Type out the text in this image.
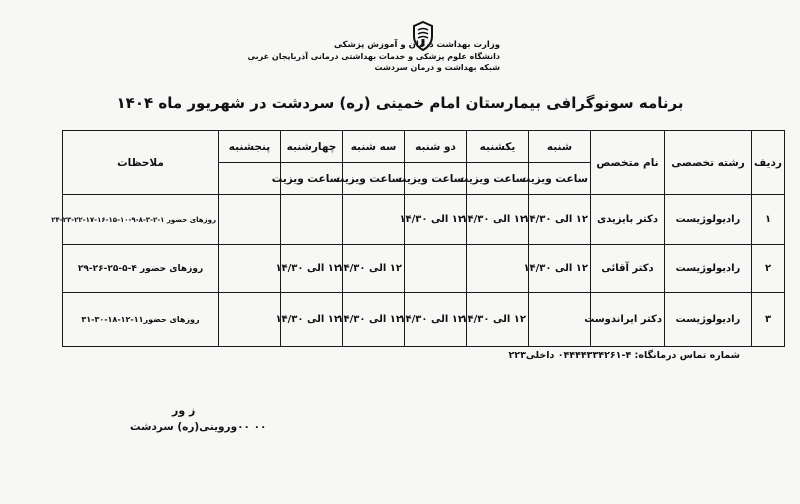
وزارت بهداشت درمان و آموزش پزشکی
دانشگاه علوم پزشکی و خدمات بهداشتی درمانی آذربایجان غربی
شبکه بهداشت و درمان سردشت
برنامه سونوگرافی بیمارستان امام خمینی (ره) سردشت در شهریور ماه ۱۴۰۴
ردیف	رشته تخصصی	نام متخصص	شنبه	یکشنبه	دو شنبه	سه شنبه	چهارشنبه	پنجشنبه	ملاحظات
			ساعت ویزیت	ساعت ویزیت	ساعت ویزیت	ساعت ویزیت	ساعت ویزیت		
۱	رادیولوژیست	دکتر بایزیدی	۱۲ الی ۱۴/۳۰	۱۲ الی ۱۴/۳۰	۱۲ الی ۱۴/۳۰				روزهای حضور ۱-۲-۳-۸-۹-۱۰-۱۵-۱۶-۱۷-۲۲-۲۳-۲۴
۲	رادیولوژیست	دکتر آقائی	۱۲ الی ۱۴/۳۰			۱۲ الی ۱۴/۳۰	۱۲ الی ۱۴/۳۰		روزهای حضور ۴-۵-۲۵-۲۶-۲۹
۳	رادیولوژیست	دکتر ایراندوست		۱۲ الی ۱۴/۳۰	۱۲ الی ۱۴/۳۰	۱۲ الی ۱۴/۳۰	۱۲ الی ۱۴/۳۰		روزهای حضور۱۱-۱۲-۱۸-۳۰-۳۱
شماره تماس درمانگاه: ۴-۰۴۴۴۴۳۳۴۲۶۱ داخلی۲۲۳
ز ور
۰۰ ۰۰وروینی(ره) سردشت
